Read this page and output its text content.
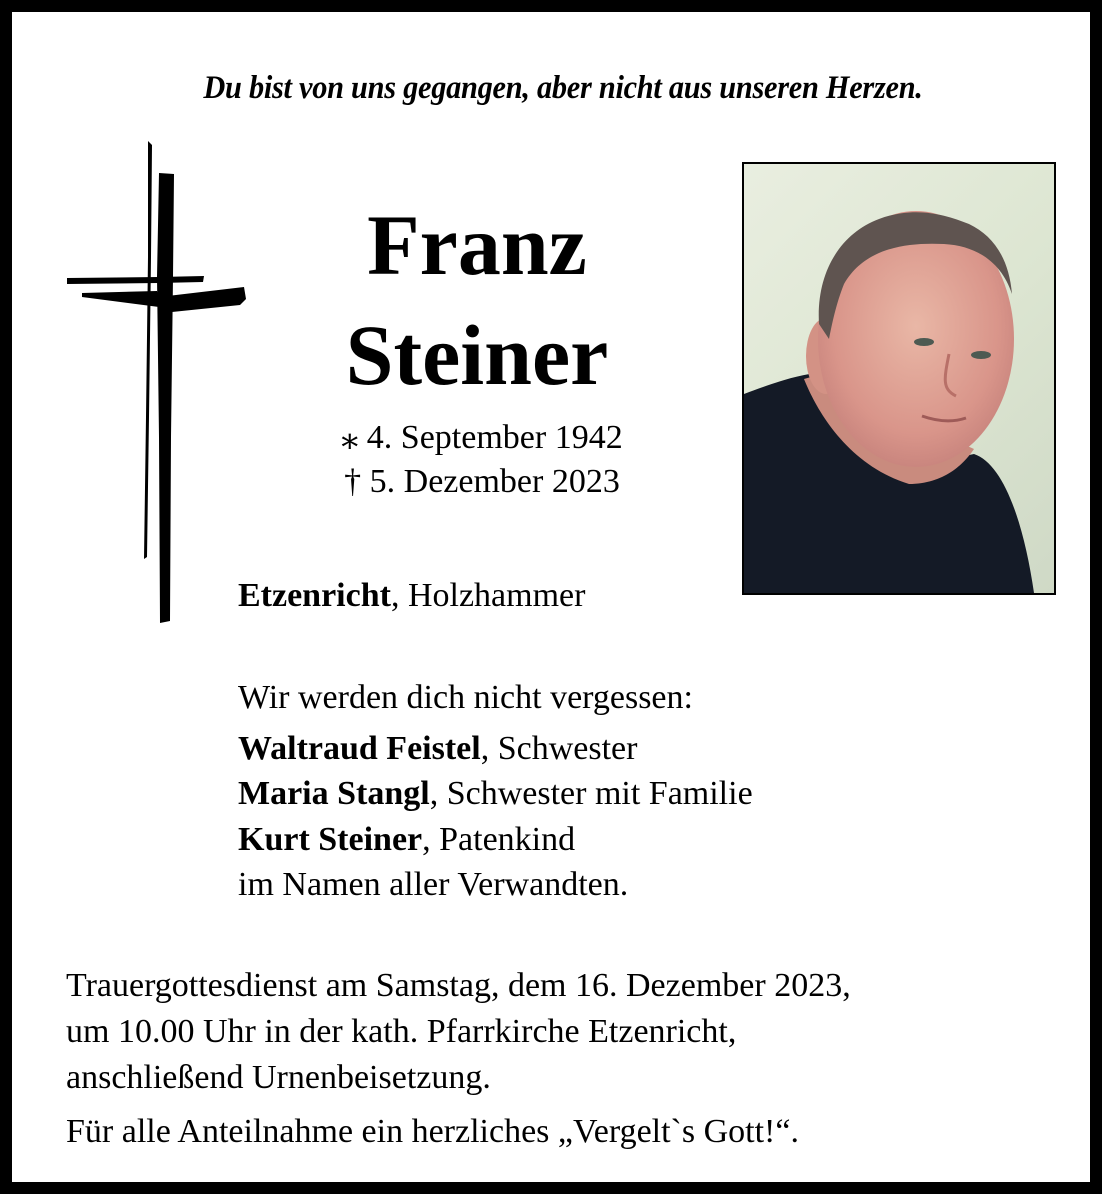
Du bist von uns gegangen, aber nicht aus unseren Herzen.
Franz
Steiner
⁎ 4. September 1942
† 5. Dezember 2023
Etzenricht, Holzhammer
Wir werden dich nicht vergessen:
Waltraud Feistel, Schwester
Maria Stangl, Schwester mit Familie
Kurt Steiner, Patenkind
im Namen aller Verwandten.
Trauergottesdienst am Samstag, dem 16. Dezember 2023,
um 10.00 Uhr in der kath. Pfarrkirche Etzenricht,
anschließend Urnenbeisetzung.
Für alle Anteilnahme ein herzliches „Vergelt`s Gott!“.
